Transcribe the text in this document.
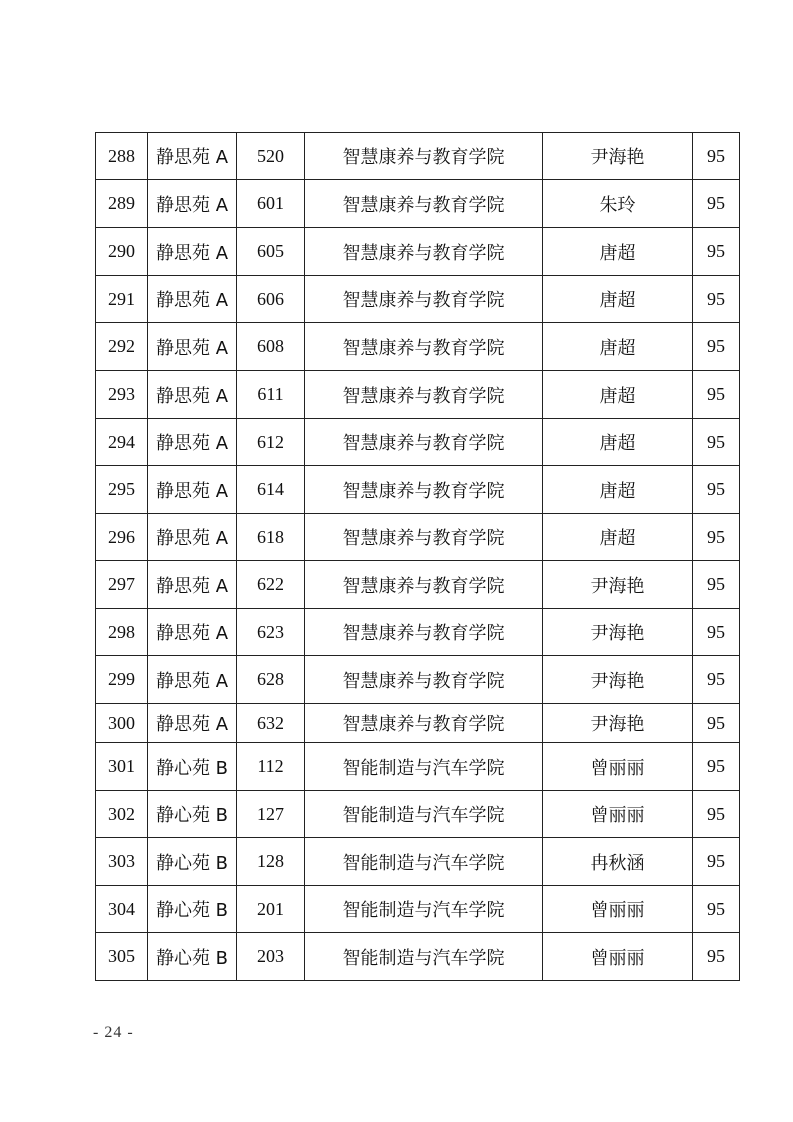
288	静思苑 A	520	智慧康养与教育学院	尹海艳	95
289	静思苑 A	601	智慧康养与教育学院	朱玲	95
290	静思苑 A	605	智慧康养与教育学院	唐超	95
291	静思苑 A	606	智慧康养与教育学院	唐超	95
292	静思苑 A	608	智慧康养与教育学院	唐超	95
293	静思苑 A	611	智慧康养与教育学院	唐超	95
294	静思苑 A	612	智慧康养与教育学院	唐超	95
295	静思苑 A	614	智慧康养与教育学院	唐超	95
296	静思苑 A	618	智慧康养与教育学院	唐超	95
297	静思苑 A	622	智慧康养与教育学院	尹海艳	95
298	静思苑 A	623	智慧康养与教育学院	尹海艳	95
299	静思苑 A	628	智慧康养与教育学院	尹海艳	95
300	静思苑 A	632	智慧康养与教育学院	尹海艳	95
301	静心苑 B	112	智能制造与汽车学院	曾丽丽	95
302	静心苑 B	127	智能制造与汽车学院	曾丽丽	95
303	静心苑 B	128	智能制造与汽车学院	冉秋涵	95
304	静心苑 B	201	智能制造与汽车学院	曾丽丽	95
305	静心苑 B	203	智能制造与汽车学院	曾丽丽	95
- 24 -
